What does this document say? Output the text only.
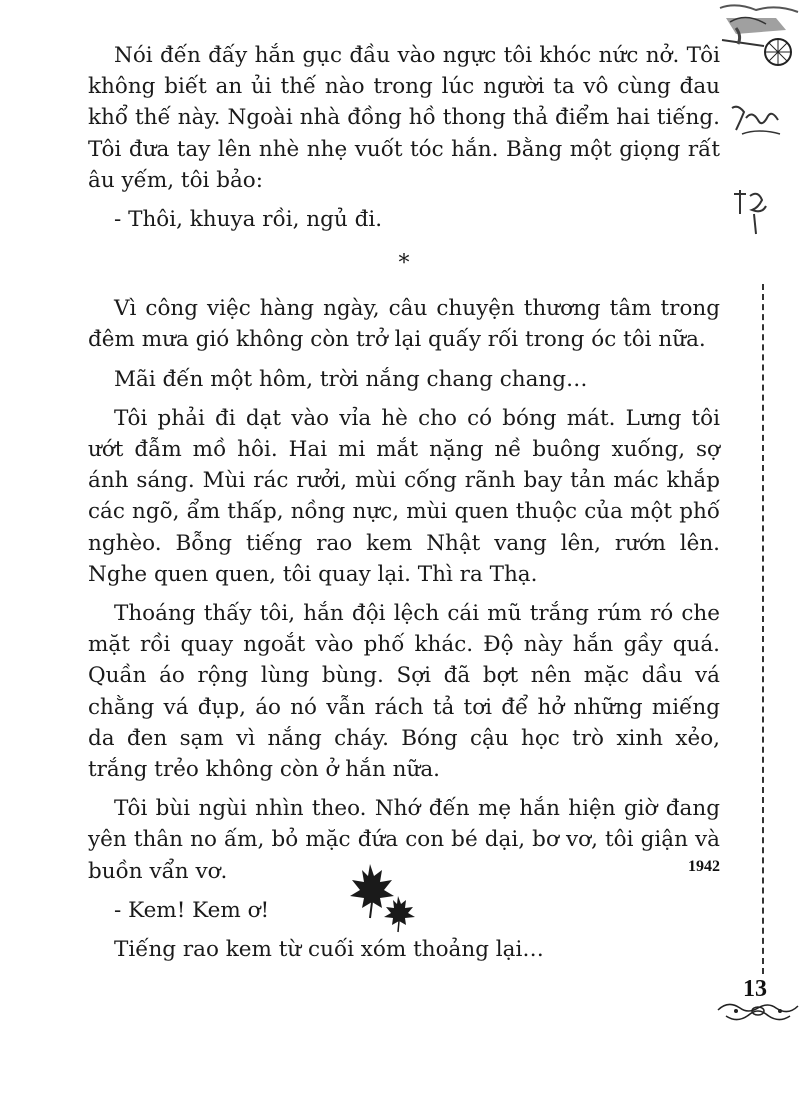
Nói đến đấy hắn gục đầu vào ngực tôi khóc nức nở. Tôi không biết an ủi thế nào trong lúc người ta vô cùng đau khổ thế này. Ngoài nhà đồng hồ thong thả điểm hai tiếng. Tôi đưa tay lên nhè nhẹ vuốt tóc hắn. Bằng một giọng rất âu yếm, tôi bảo:

- Thôi, khuya rồi, ngủ đi.

*

Vì công việc hàng ngày, câu chuyện thương tâm trong đêm mưa gió không còn trở lại quấy rối trong óc tôi nữa.

Mãi đến một hôm, trời nắng chang chang…

Tôi phải đi dạt vào vỉa hè cho có bóng mát. Lưng tôi ướt đẫm mồ hôi. Hai mi mắt nặng nề buông xuống, sợ ánh sáng. Mùi rác rưởi, mùi cống rãnh bay tản mác khắp các ngõ, ẩm thấp, nồng nực, mùi quen thuộc của một phố nghèo. Bỗng tiếng rao kem Nhật vang lên, rướn lên. Nghe quen quen, tôi quay lại. Thì ra Thạ.

Thoáng thấy tôi, hắn đội lệch cái mũ trắng rúm ró che mặt rồi quay ngoắt vào phố khác. Độ này hắn gầy quá. Quần áo rộng lùng bùng. Sợi đã bợt nên mặc dầu vá chằng vá đụp, áo nó vẫn rách tả tơi để hở những miếng da đen sạm vì nắng cháy. Bóng cậu học trò xinh xẻo, trắng trẻo không còn ở hắn nữa.

Tôi bùi ngùi nhìn theo. Nhớ đến mẹ hắn hiện giờ đang yên thân no ấm, bỏ mặc đứa con bé dại, bơ vơ, tôi giận và buồn vẩn vơ.

- Kem! Kem ơ!

Tiếng rao kem từ cuối xóm thoảng lại…

1942
13
